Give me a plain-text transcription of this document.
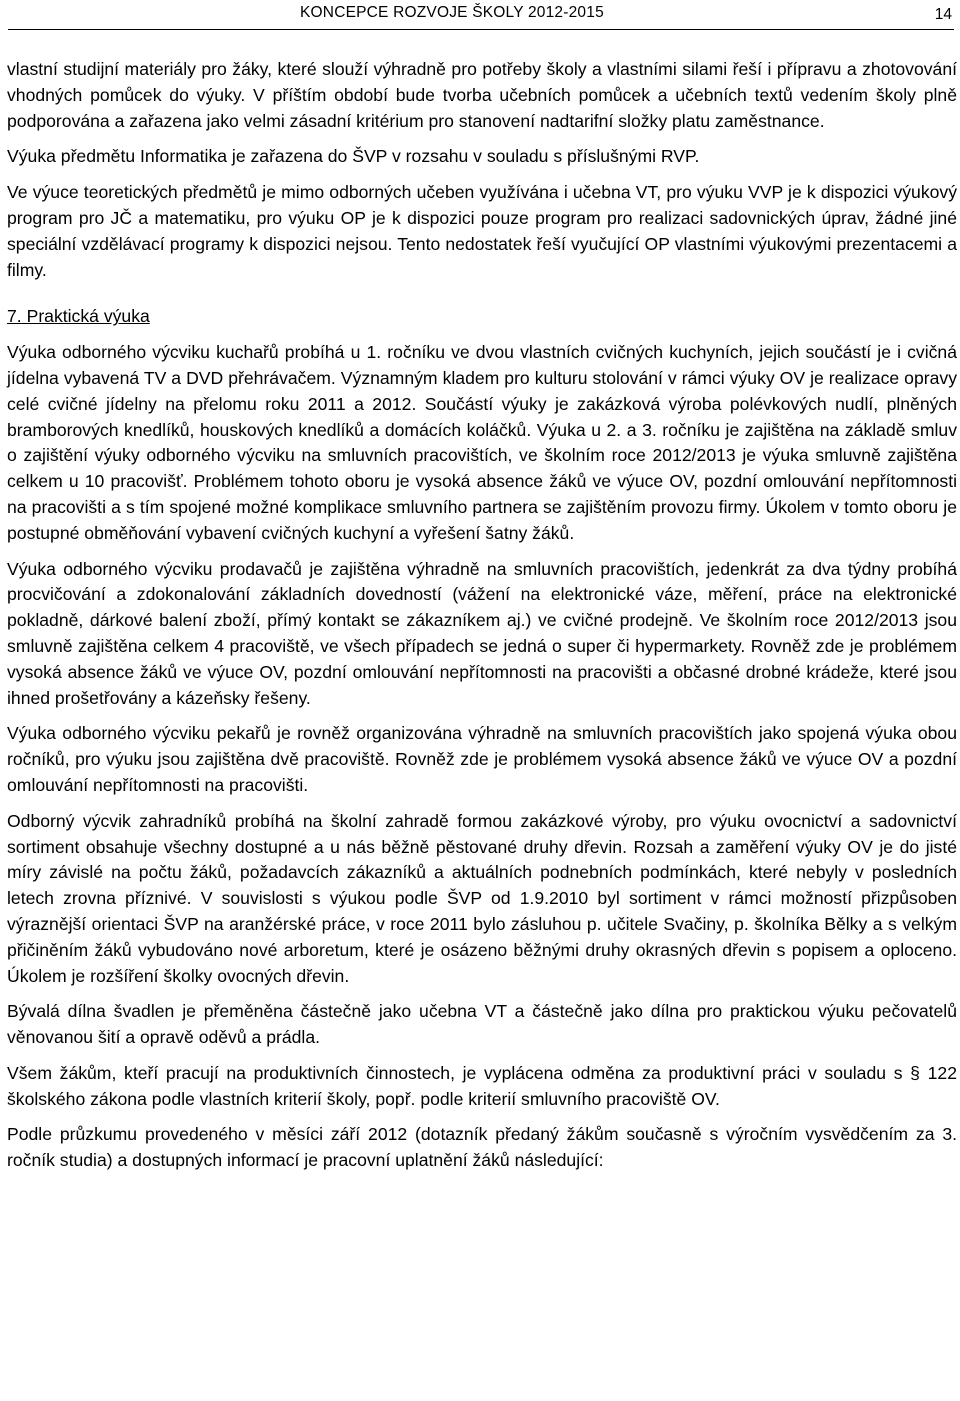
KONCEPCE ROZVOJE ŠKOLY 2012-2015	14

vlastní studijní materiály pro žáky, které slouží výhradně pro potřeby školy a vlastními silami řeší i přípravu a zhotovování vhodných pomůcek do výuky. V příštím období bude tvorba učebních pomůcek a učebních textů vedením školy plně podporována a zařazena jako velmi zásadní kritérium pro stanovení nadtarifní složky platu zaměstnance.

Výuka předmětu Informatika je zařazena do ŠVP v rozsahu v souladu s příslušnými RVP.

Ve výuce teoretických předmětů je mimo odborných učeben využívána i učebna VT, pro výuku VVP je k dispozici výukový program pro JČ a matematiku, pro výuku OP je k dispozici pouze program pro realizaci sadovnických úprav, žádné jiné speciální vzdělávací programy k dispozici nejsou. Tento nedostatek řeší vyučující OP vlastními výukovými prezentacemi a filmy.

7. Praktická výuka

Výuka odborného výcviku kuchařů probíhá u 1. ročníku ve dvou vlastních cvičných kuchyních, jejich součástí je i cvičná jídelna vybavená TV a DVD přehrávačem. Významným kladem pro kulturu stolování v rámci výuky OV je realizace opravy celé cvičné jídelny na přelomu roku 2011 a 2012. Součástí výuky je zakázková výroba polévkových nudlí, plněných bramborových knedlíků, houskových knedlíků a domácích koláčků. Výuka u 2. a 3. ročníku je zajištěna na základě smluv o zajištění výuky odborného výcviku na smluvních pracovištích, ve školním roce 2012/2013 je výuka smluvně zajištěna celkem u 10 pracovišť. Problémem tohoto oboru je vysoká absence žáků ve výuce OV, pozdní omlouvání nepřítomnosti na pracovišti a s tím spojené možné komplikace smluvního partnera se zajištěním provozu firmy. Úkolem v tomto oboru je postupné obměňování vybavení cvičných kuchyní a vyřešení šatny žáků.

Výuka odborného výcviku prodavačů je zajištěna výhradně na smluvních pracovištích, jedenkrát za dva týdny probíhá procvičování a zdokonalování základních dovedností (vážení na elektronické váze, měření, práce na elektronické pokladně, dárkové balení zboží, přímý kontakt se zákazníkem aj.) ve cvičné prodejně. Ve školním roce 2012/2013 jsou smluvně zajištěna celkem 4 pracoviště, ve všech případech se jedná o super či hypermarkety. Rovněž zde je problémem vysoká absence žáků ve výuce OV, pozdní omlouvání nepřítomnosti na pracovišti a občasné drobné krádeže, které jsou ihned prošetřovány a kázeňsky řešeny.

Výuka odborného výcviku pekařů je rovněž organizována výhradně na smluvních pracovištích jako spojená výuka obou ročníků, pro výuku jsou zajištěna dvě pracoviště. Rovněž zde je problémem vysoká absence žáků ve výuce OV a pozdní omlouvání nepřítomnosti na pracovišti.

Odborný výcvik zahradníků probíhá na školní zahradě formou zakázkové výroby, pro výuku ovocnictví a sadovnictví sortiment obsahuje všechny dostupné a u nás běžně pěstované druhy dřevin. Rozsah a zaměření výuky OV je do jisté míry závislé na počtu žáků, požadavcích zákazníků a aktuálních podnebních podmínkách, které nebyly v posledních letech zrovna příznivé. V souvislosti s výukou podle ŠVP od 1.9.2010 byl sortiment v rámci možností přizpůsoben výraznější orientaci ŠVP na aranžérské práce, v roce 2011 bylo zásluhou p. učitele Svačiny, p. školníka Bělky a s velkým přičiněním žáků vybudováno nové arboretum, které je osázeno běžnými druhy okrasných dřevin s popisem a oplocenо. Úkolem je rozšíření školky ovocných dřevin.

Bývalá dílna švadlen je přeměněna částečně jako učebna VT a částečně jako dílna pro praktickou výuku pečovatelů věnovanou šití a opravě oděvů a prádla.

Všem žákům, kteří pracují na produktivních činnostech, je vyplácena odměna za produktivní práci v souladu s § 122 školského zákona podle vlastních kriterií školy, popř. podle kriterií smluvního pracoviště OV.

Podle průzkumu provedeného v měsíci září 2012 (dotazník předaný žákům současně s výročním vysvědčením za 3. ročník studia) a dostupných informací je pracovní uplatnění žáků následující:
